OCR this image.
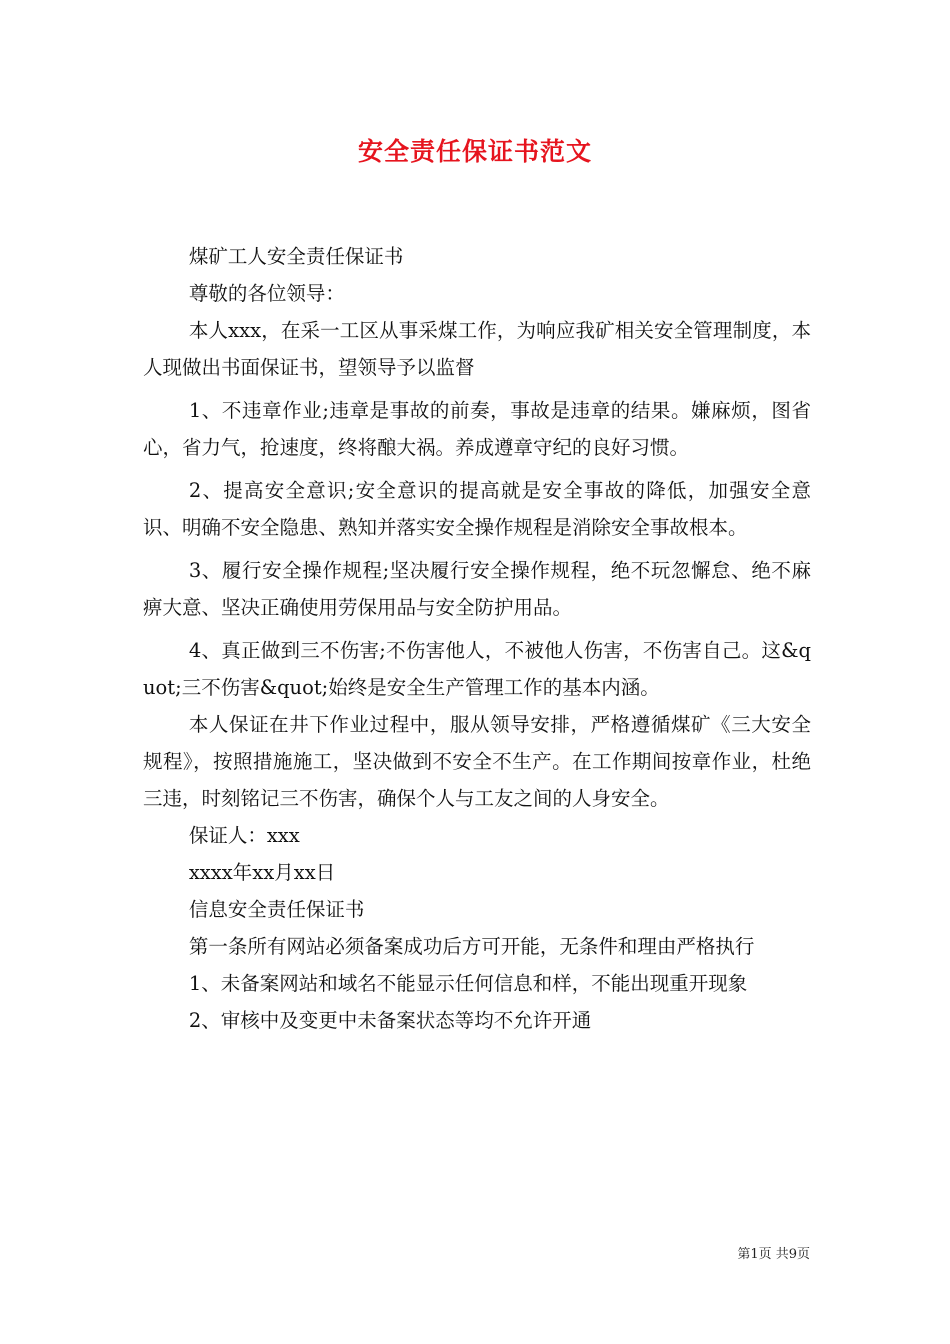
安全责任保证书范文

煤矿工人安全责任保证书

尊敬的各位领导：

本人xxx，在采一工区从事采煤工作，为响应我矿相关安全管理制度，本人现做出书面保证书，望领导予以监督

1、不违章作业;违章是事故的前奏，事故是违章的结果。嫌麻烦，图省心，省力气，抢速度，终将酿大祸。养成遵章守纪的良好习惯。

2、提高安全意识;安全意识的提高就是安全事故的降低，加强安全意识、明确不安全隐患、熟知并落实安全操作规程是消除安全事故根本。

3、履行安全操作规程;坚决履行安全操作规程，绝不玩忽懈怠、绝不麻痹大意、坚决正确使用劳保用品与安全防护用品。

4、真正做到三不伤害;不伤害他人，不被他人伤害，不伤害自己。这&quot;三不伤害&quot;始终是安全生产管理工作的基本内涵。

本人保证在井下作业过程中，服从领导安排，严格遵循煤矿《三大安全规程》，按照措施施工，坚决做到不安全不生产。在工作期间按章作业，杜绝三违，时刻铭记三不伤害，确保个人与工友之间的人身安全。

保证人：xxx

xxxx年xx月xx日

信息安全责任保证书

第一条所有网站必须备案成功后方可开能，无条件和理由严格执行

1、未备案网站和域名不能显示任何信息和样，不能出现重开现象

2、审核中及变更中未备案状态等均不允许开通

第1页 共9页
